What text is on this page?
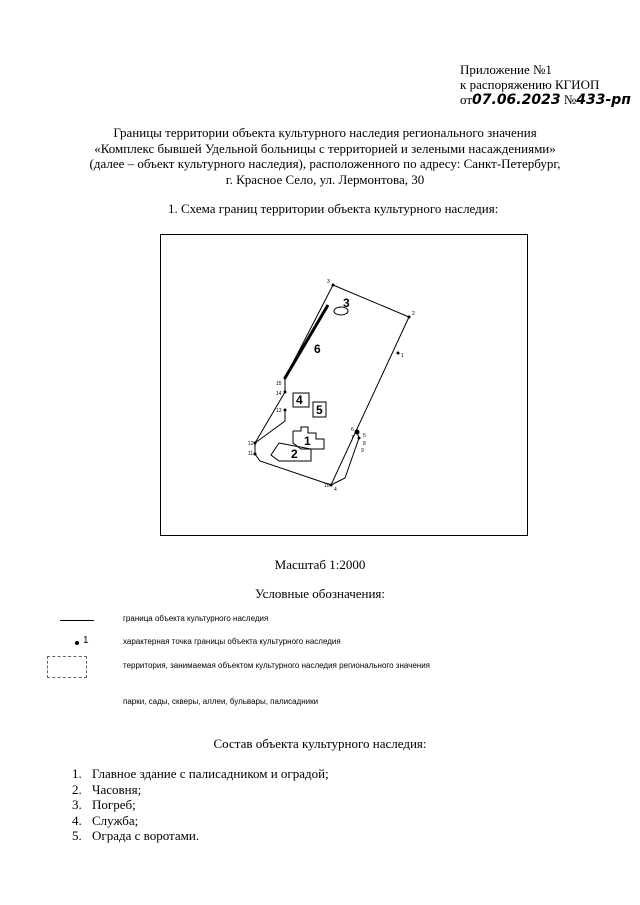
Приложение №1
к распоряжению КГИОП
от07.06.2023 №433-рп
Границы территории объекта культурного наследия регионального значения
«Комплекс бывшей Удельной больницы с территорией и зелеными насаждениями»
(далее – объект культурного наследия), расположенного по адресу: Санкт-Петербург,
г. Красное Село, ул. Лермонтова, 30
1. Схема границ территории объекта культурного наследия:
1
2
3
4
5
6	1
2
3
4
5
6
7
8
9
10
11
12
13
14
15
Масштаб 1:2000
Условные обозначения:
граница объекта культурного наследия
1	характерная точка границы объекта культурного наследия
территория, занимаемая объектом культурного наследия регионального значения
парки, сады, скверы, аллеи, бульвары, палисадники
Состав объекта культурного наследия:
1. Главное здание с палисадником и оградой;
2. Часовня;
3. Погреб;
4. Служба;
5. Ограда с воротами.
